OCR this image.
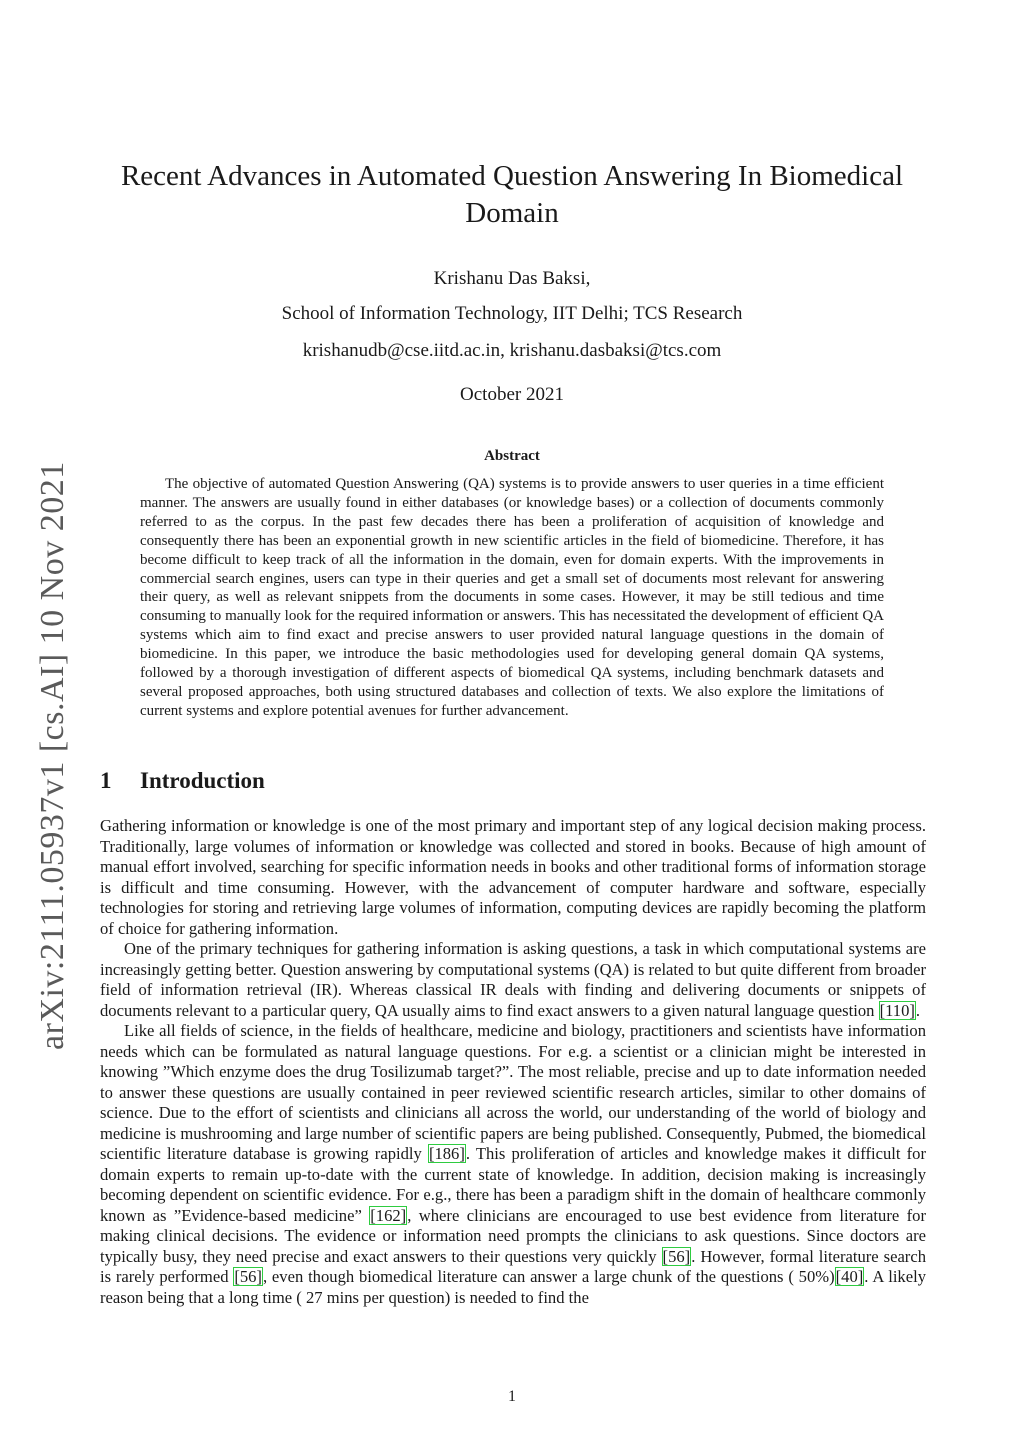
arXiv:2111.05937v1 [cs.AI] 10 Nov 2021
Recent Advances in Automated Question Answering In Biomedical Domain
Krishanu Das Baksi,
School of Information Technology, IIT Delhi; TCS Research
krishanudb@cse.iitd.ac.in, krishanu.dasbaksi@tcs.com
October 2021
Abstract

The objective of automated Question Answering (QA) systems is to provide answers to user queries in a time efficient manner. The answers are usually found in either databases (or knowledge bases) or a collection of documents commonly referred to as the corpus. In the past few decades there has been a proliferation of acquisition of knowledge and consequently there has been an exponential growth in new scientific articles in the field of biomedicine. Therefore, it has become difficult to keep track of all the information in the domain, even for domain experts. With the improvements in commercial search engines, users can type in their queries and get a small set of documents most relevant for answering their query, as well as relevant snippets from the documents in some cases. However, it may be still tedious and time consuming to manually look for the required information or answers. This has necessitated the development of efficient QA systems which aim to find exact and precise answers to user provided natural language questions in the domain of biomedicine. In this paper, we introduce the basic methodologies used for developing general domain QA systems, followed by a thorough investigation of different aspects of biomedical QA systems, including benchmark datasets and several proposed approaches, both using structured databases and collection of texts. We also explore the limitations of current systems and explore potential avenues for further advancement.

1 Introduction

Gathering information or knowledge is one of the most primary and important step of any logical decision making process. Traditionally, large volumes of information or knowledge was collected and stored in books. Because of high amount of manual effort involved, searching for specific information needs in books and other traditional forms of information storage is difficult and time consuming. However, with the advancement of computer hardware and software, especially technologies for storing and retrieving large volumes of information, computing devices are rapidly becoming the platform of choice for gathering information.

One of the primary techniques for gathering information is asking questions, a task in which computational systems are increasingly getting better. Question answering by computational systems (QA) is related to but quite different from broader field of information retrieval (IR). Whereas classical IR deals with finding and delivering documents or snippets of documents relevant to a particular query, QA usually aims to find exact answers to a given natural language question [110].

Like all fields of science, in the fields of healthcare, medicine and biology, practitioners and scientists have information needs which can be formulated as natural language questions. For e.g. a scientist or a clinician might be interested in knowing ”Which enzyme does the drug Tosilizumab target?”. The most reliable, precise and up to date information needed to answer these questions are usually contained in peer reviewed scientific research articles, similar to other domains of science. Due to the effort of scientists and clinicians all across the world, our understanding of the world of biology and medicine is mushrooming and large number of scientific papers are being published. Consequently, Pubmed, the biomedical scientific literature database is growing rapidly [186]. This proliferation of articles and knowledge makes it difficult for domain experts to remain up-to-date with the current state of knowledge. In addition, decision making is increasingly becoming dependent on scientific evidence. For e.g., there has been a paradigm shift in the domain of healthcare commonly known as ”Evidence-based medicine” [162], where clinicians are encouraged to use best evidence from literature for making clinical decisions. The evidence or information need prompts the clinicians to ask questions. Since doctors are typically busy, they need precise and exact answers to their questions very quickly [56]. However, formal literature search is rarely performed [56], even though biomedical literature can answer a large chunk of the questions ( 50%)[40]. A likely reason being that a long time ( 27 mins per question) is needed to find the

1
